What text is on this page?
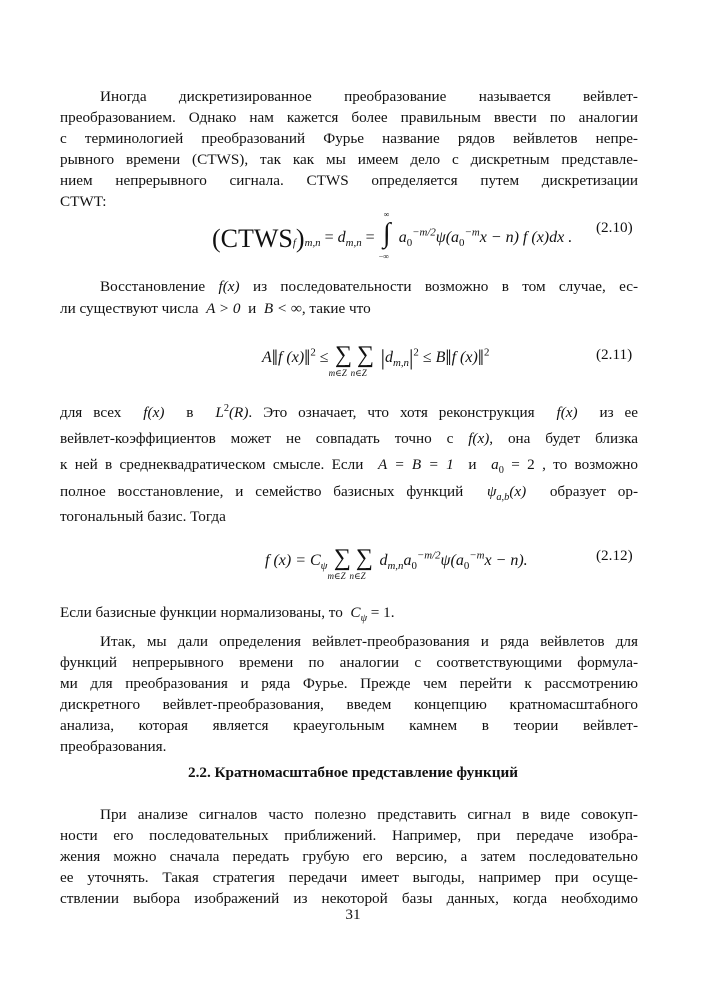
Иногда дискретизированное преобразование называется вейвлет-
преобразованием. Однако нам кажется более правильным ввести по аналогии
с терминологией преобразований Фурье название рядов вейвлетов непре-
рывного времени (CTWS), так как мы имеем дело с дискретным представле-
нием непрерывного сигнала. CTWS определяется путем дискретизации
CTWT:
$(CTWS_f)_{m,n} = d_{m,n}$ = ∫
∞
−∞
$a_0^{-m/2}\psi(a_0^{-m}x - n)$ f (x)dx .
(2.10)
Восстановление f(x) из последовательности возможно в том случае, ес-
ли существуют числа A > 0 и B < ∞, такие что
A‖f (x)‖$^2$ ≤ ∑
m∈Z
∑
n∈Z
$|d_{m,n}|^2$ ≤ B‖f (x)‖$^2$	(2.11)
для всех f(x) в $L^2(R)$. Это означает, что хотя реконструкция f(x) из ее
вейвлет-коэффициентов может не совпадать точно с f(x), она будет близка
к ней в среднеквадратическом смысле. Если A = B = 1 и $a_0 = 2$ , то возможно
полное восстановление, и семейство базисных функций $\psi_{a,b}(x)$ образует ор-
тогональный базис. Тогда
f $(x) = C_\psi$ ∑
m∈Z
∑
n∈Z
$d_{m,n}a_0^{-m/2}\psi(a_0^{-m}x - n)$.	(2.12)
Если базисные функции нормализованы, то $C_\psi = 1$.
Итак, мы дали определения вейвлет-преобразования и ряда вейвлетов для
функций непрерывного времени по аналогии с соответствующими формула-
ми для преобразования и ряда Фурье. Прежде чем перейти к рассмотрению
дискретного вейвлет-преобразования, введем концепцию кратномасштабного
анализа, которая является краеугольным камнем в теории вейвлет-
преобразования.
2.2. Кратномасштабное представление функций
При анализе сигналов часто полезно представить сигнал в виде совокуп-
ности его последовательных приближений. Например, при передаче изобра-
жения можно сначала передать грубую его версию, а затем последовательно
ее уточнять. Такая стратегия передачи имеет выгоды, например при осуще-
ствлении выбора изображений из некоторой базы данных, когда необходимо
31
